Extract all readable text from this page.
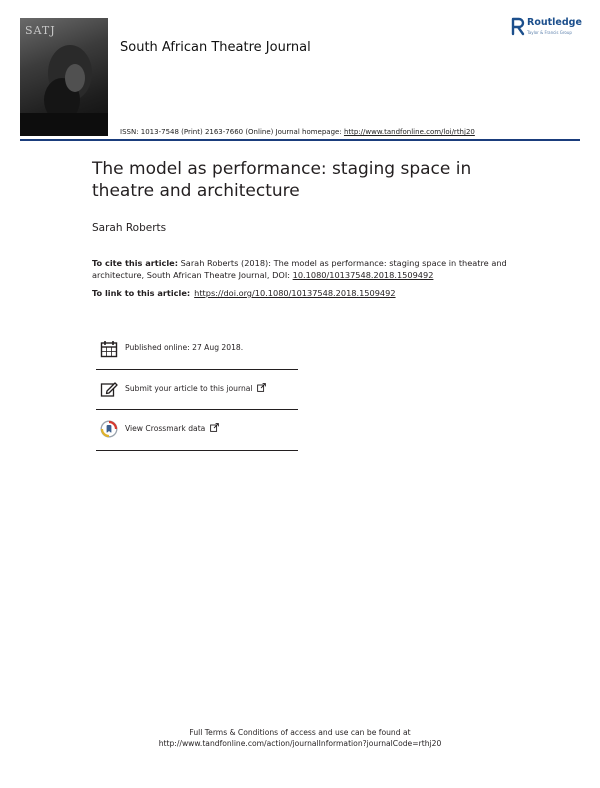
SATJ
South African Theatre Journal
Routledge
Taylor & Francis Group
ISSN: 1013-7548 (Print) 2163-7660 (Online) Journal homepage: http://www.tandfonline.com/loi/rthj20
The model as performance: staging space in theatre and architecture
Sarah Roberts
To cite this article: Sarah Roberts (2018): The model as performance: staging space in theatre and architecture, South African Theatre Journal, DOI: 10.1080/10137548.2018.1509492
To link to this article: https://doi.org/10.1080/10137548.2018.1509492
Published online: 27 Aug 2018.
Submit your article to this journal
View Crossmark data
Full Terms & Conditions of access and use can be found at
http://www.tandfonline.com/action/journalInformation?journalCode=rthj20
